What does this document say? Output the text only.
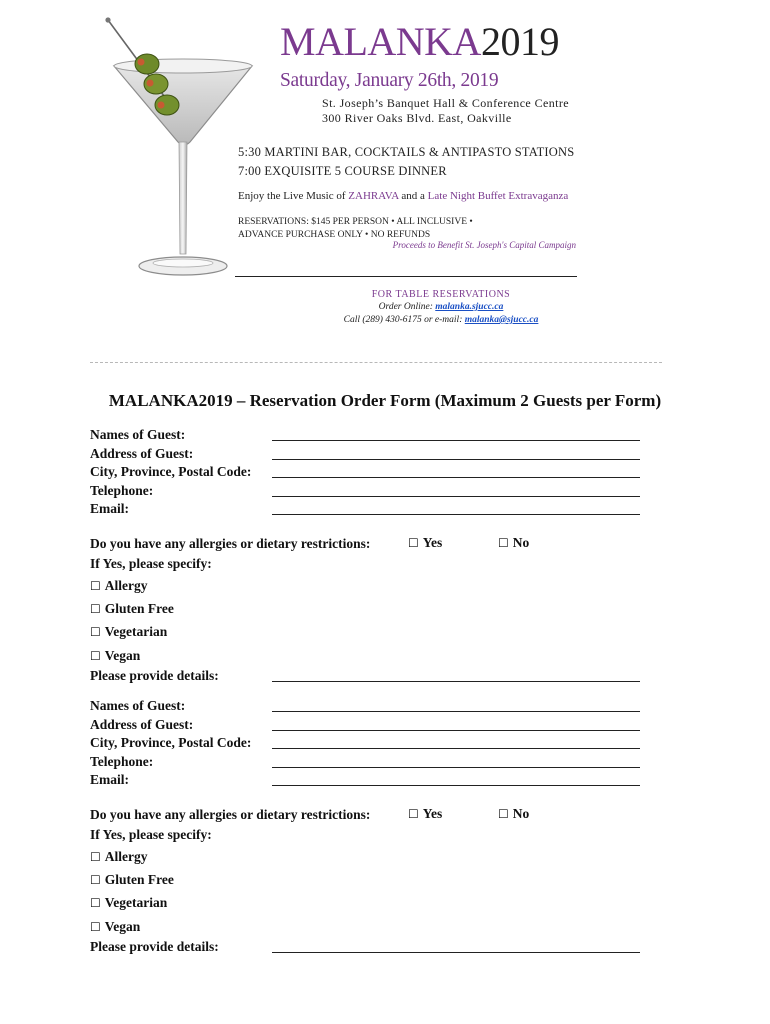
MALANKA2019
Saturday, January 26th, 2019
St. Joseph’s Banquet Hall & Conference Centre
300 River Oaks Blvd. East, Oakville
5:30 MARTINI BAR, COCKTAILS & ANTIPASTO STATIONS
7:00 EXQUISITE 5 COURSE DINNER
Enjoy the Live Music of ZAHRAVA and a Late Night Buffet Extravaganza
RESERVATIONS: $145 PER PERSON • ALL INCLUSIVE •
ADVANCE PURCHASE ONLY • NO REFUNDS
Proceeds to Benefit St. Joseph's Capital Campaign
FOR TABLE RESERVATIONS
Order Online: malanka.sjucc.ca
Call (289) 430-6175 or e-mail: malanka@sjucc.ca
MALANKA2019 – Reservation Order Form (Maximum 2 Guests per Form)
Names of Guest:
Address of Guest:
City, Province, Postal Code:
Telephone:
Email:
Do you have any allergies or dietary restrictions:	☐ Yes	☐ No
If Yes, please specify:
☐ Allergy
☐ Gluten Free
☐ Vegetarian
☐ Vegan
Please provide details:
Names of Guest:
Address of Guest:
City, Province, Postal Code:
Telephone:
Email:
Do you have any allergies or dietary restrictions:	☐ Yes	☐ No
If Yes, please specify:
☐ Allergy
☐ Gluten Free
☐ Vegetarian
☐ Vegan
Please provide details:
